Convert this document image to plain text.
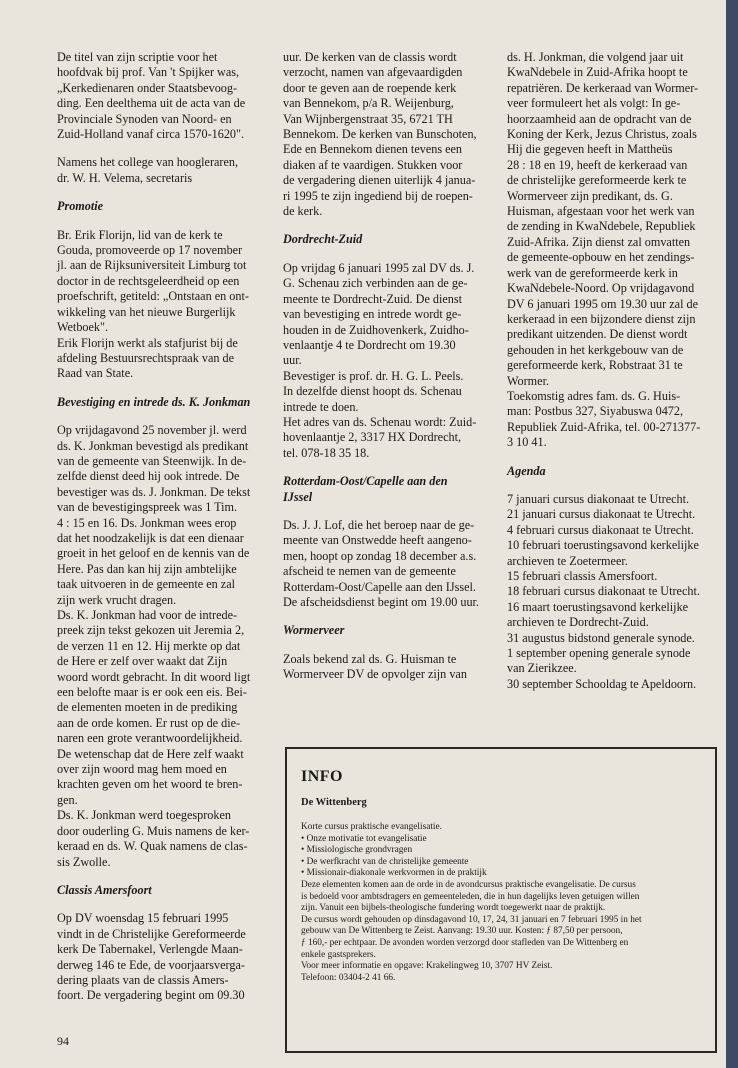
De titel van zijn scriptie voor het
hoofdvak bij prof. Van 't Spijker was,
„Kerkedienaren onder Staatsbevoog-
ding. Een deelthema uit de acta van de
Provinciale Synoden van Noord- en
Zuid-Holland vanaf circa 1570-1620".
Namens het college van hoogleraren,
dr. W. H. Velema, secretaris
Promotie
Br. Erik Florijn, lid van de kerk te
Gouda, promoveerde op 17 november
jl. aan de Rijksuniversiteit Limburg tot
doctor in de rechtsgeleerdheid op een
proefschrift, getiteld: „Ontstaan en ont-
wikkeling van het nieuwe Burgerlijk
Wetboek".
Erik Florijn werkt als stafjurist bij de
afdeling Bestuursrechtspraak van de
Raad van State.
Bevestiging en intrede ds. K. Jonkman
Op vrijdagavond 25 november jl. werd
ds. K. Jonkman bevestigd als predikant
van de gemeente van Steenwijk. In de-
zelfde dienst deed hij ook intrede. De
bevestiger was ds. J. Jonkman. De tekst
van de bevestigingspreek was 1 Tim.
4 : 15 en 16. Ds. Jonkman wees erop
dat het noodzakelijk is dat een dienaar
groeit in het geloof en de kennis van de
Here. Pas dan kan hij zijn ambtelijke
taak uitvoeren in de gemeente en zal
zijn werk vrucht dragen.
Ds. K. Jonkman had voor de intrede-
preek zijn tekst gekozen uit Jeremia 2,
de verzen 11 en 12. Hij merkte op dat
de Here er zelf over waakt dat Zijn
woord wordt gebracht. In dit woord ligt
een belofte maar is er ook een eis. Bei-
de elementen moeten in de prediking
aan de orde komen. Er rust op de die-
naren een grote verantwoordelijkheid.
De wetenschap dat de Here zelf waakt
over zijn woord mag hem moed en
krachten geven om het woord te bren-
gen.
Ds. K. Jonkman werd toegesproken
door ouderling G. Muis namens de ker-
keraad en ds. W. Quak namens de clas-
sis Zwolle.
Classis Amersfoort
Op DV woensdag 15 februari 1995
vindt in de Christelijke Gereformeerde
kerk De Tabernakel, Verlengde Maan-
derweg 146 te Ede, de voorjaarsverga-
dering plaats van de classis Amers-
foort. De vergadering begint om 09.30
uur. De kerken van de classis wordt
verzocht, namen van afgevaardigden
door te geven aan de roepende kerk
van Bennekom, p/a R. Weijenburg,
Van Wijnbergenstraat 35, 6721 TH
Bennekom. De kerken van Bunschoten,
Ede en Bennekom dienen tevens een
diaken af te vaardigen. Stukken voor
de vergadering dienen uiterlijk 4 janua-
ri 1995 te zijn ingediend bij de roepen-
de kerk.
Dordrecht-Zuid
Op vrijdag 6 januari 1995 zal DV ds. J.
G. Schenau zich verbinden aan de ge-
meente te Dordrecht-Zuid. De dienst
van bevestiging en intrede wordt ge-
houden in de Zuidhovenkerk, Zuidho-
venlaantje 4 te Dordrecht om 19.30
uur.
Bevestiger is prof. dr. H. G. L. Peels.
In dezelfde dienst hoopt ds. Schenau
intrede te doen.
Het adres van ds. Schenau wordt: Zuid-
hovenlaantje 2, 3317 HX Dordrecht,
tel. 078-18 35 18.
Rotterdam-Oost/Capelle aan den
IJssel
Ds. J. J. Lof, die het beroep naar de ge-
meente van Onstwedde heeft aangeno-
men, hoopt op zondag 18 december a.s.
afscheid te nemen van de gemeente
Rotterdam-Oost/Capelle aan den IJssel.
De afscheidsdienst begint om 19.00 uur.
Wormerveer
Zoals bekend zal ds. G. Huisman te
Wormerveer DV de opvolger zijn van
ds. H. Jonkman, die volgend jaar uit
KwaNdebele in Zuid-Afrika hoopt te
repatriëren. De kerkeraad van Wormer-
veer formuleert het als volgt: In ge-
hoorzaamheid aan de opdracht van de
Koning der Kerk, Jezus Christus, zoals
Hij die gegeven heeft in Mattheüs
28 : 18 en 19, heeft de kerkeraad van
de christelijke gereformeerde kerk te
Wormerveer zijn predikant, ds. G.
Huisman, afgestaan voor het werk van
de zending in KwaNdebele, Republiek
Zuid-Afrika. Zijn dienst zal omvatten
de gemeente-opbouw en het zendings-
werk van de gereformeerde kerk in
KwaNdebele-Noord. Op vrijdagavond
DV 6 januari 1995 om 19.30 uur zal de
kerkeraad in een bijzondere dienst zijn
predikant uitzenden. De dienst wordt
gehouden in het kerkgebouw van de
gereformeerde kerk, Robstraat 31 te
Wormer.
Toekomstig adres fam. ds. G. Huis-
man: Postbus 327, Siyabuswa 0472,
Republiek Zuid-Afrika, tel. 00-271377-
3 10 41.
Agenda
7 januari cursus diakonaat te Utrecht.
21 januari cursus diakonaat te Utrecht.
4 februari cursus diakonaat te Utrecht.
10 februari toerustingsavond kerkelijke
archieven te Zoetermeer.
15 februari classis Amersfoort.
18 februari cursus diakonaat te Utrecht.
16 maart toerustingsavond kerkelijke
archieven te Dordrecht-Zuid.
31 augustus bidstond generale synode.
1 september opening generale synode
van Zierikzee.
30 september Schooldag te Apeldoorn.
INFO
De Wittenberg
Korte cursus praktische evangelisatie.
• Onze motivatie tot evangelisatie
• Missiologische grondvragen
• De werfkracht van de christelijke gemeente
• Missionair-diakonale werkvormen in de praktijk
Deze elementen komen aan de orde in de avondcursus praktische evangelisatie. De cursus
is bedoeld voor ambtsdragers en gemeenteleden, die in hun dagelijks leven getuigen willen
zijn. Vanuit een bijbels-theologische fundering wordt toegewerkt naar de praktijk.
De cursus wordt gehouden op dinsdagavond 10, 17, 24, 31 januari en 7 februari 1995 in het
gebouw van De Wittenberg te Zeist. Aanvang: 19.30 uur. Kosten: ƒ 87,50 per persoon,
ƒ 160,- per echtpaar. De avonden worden verzorgd door stafleden van De Wittenberg en
enkele gastsprekers.
Voor meer informatie en opgave: Krakelingweg 10, 3707 HV Zeist.
Telefoon: 03404-2 41 66.
94
